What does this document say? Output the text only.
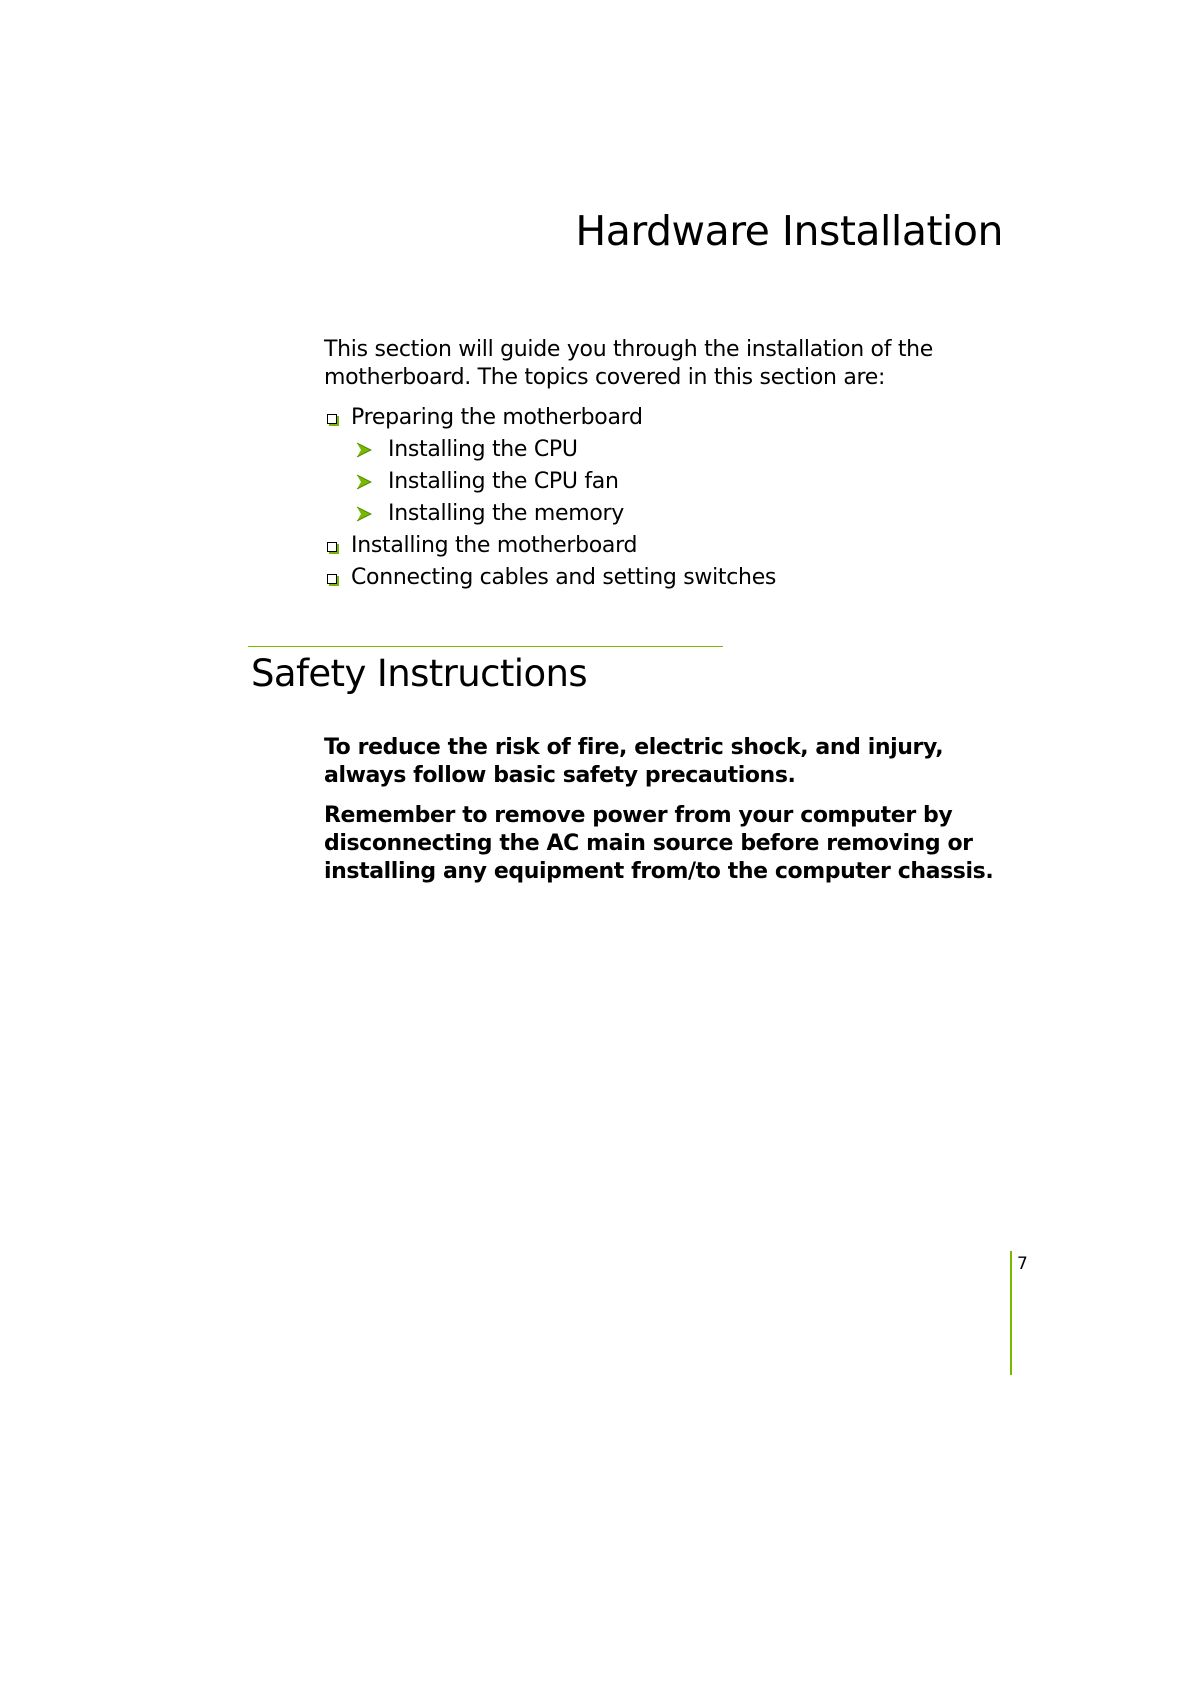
Hardware Installation

This section will guide you through the installation of the motherboard. The topics covered in this section are:

Preparing the motherboard
Installing the CPU
Installing the CPU fan
Installing the memory
Installing the motherboard
Connecting cables and setting switches
Safety Instructions

To reduce the risk of fire, electric shock, and injury, always follow basic safety precautions.

Remember to remove power from your computer by disconnecting the AC main source before removing or installing any equipment from/to the computer chassis.

7
